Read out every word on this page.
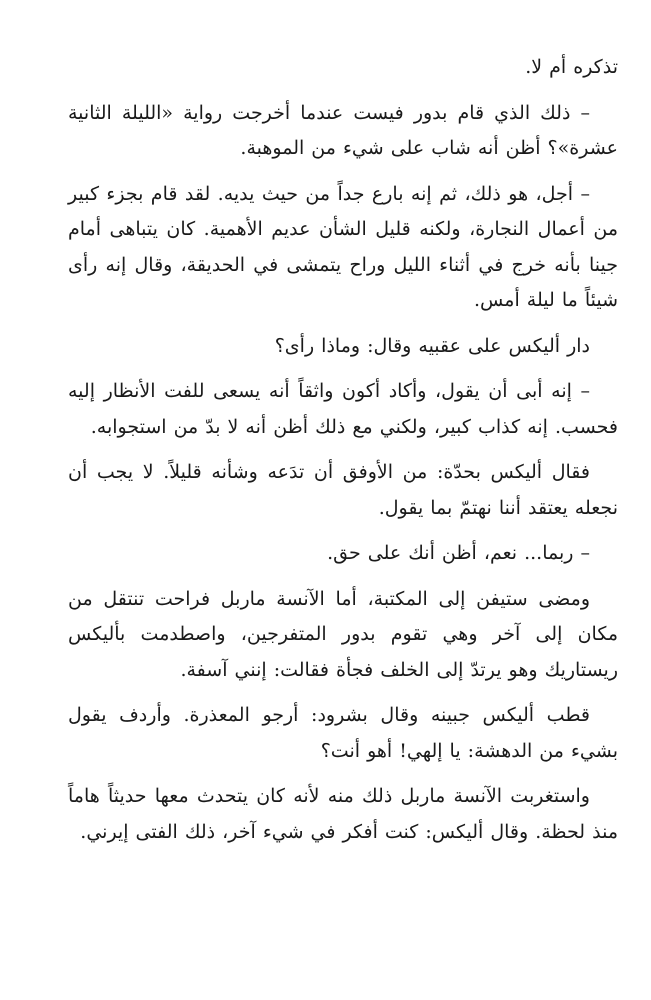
تذكره أم لا.

– ذلك الذي قام بدور فيست عندما أخرجت رواية «الليلة الثانية عشرة»؟ أظن أنه شاب على شيء من الموهبة.

– أجل، هو ذلك، ثم إنه بارع جداً من حيث يديه. لقد قام بجزء كبير من أعمال النجارة، ولكنه قليل الشأن عديم الأهمية. كان يتباهى أمام جينا بأنه خرج في أثناء الليل وراح يتمشى في الحديقة، وقال إنه رأى شيئاً ما ليلة أمس.

دار أليكس على عقبيه وقال: وماذا رأى؟

– إنه أبى أن يقول، وأكاد أكون واثقاً أنه يسعى للفت الأنظار إليه فحسب. إنه كذاب كبير، ولكني مع ذلك أظن أنه لا بدّ من استجوابه.

فقال أليكس بحدّة: من الأوفق أن تدَعه وشأنه قليلاً. لا يجب أن نجعله يعتقد أننا نهتمّ بما يقول.

– ربما... نعم، أظن أنك على حق.

ومضى ستيفن إلى المكتبة، أما الآنسة ماربل فراحت تنتقل من مكان إلى آخر وهي تقوم بدور المتفرجين، واصطدمت بأليكس ريستاريك وهو يرتدّ إلى الخلف فجأة فقالت: إنني آسفة.

قطب أليكس جبينه وقال بشرود: أرجو المعذرة. وأردف يقول بشيء من الدهشة: يا إلهي! أهو أنت؟

واستغربت الآنسة ماربل ذلك منه لأنه كان يتحدث معها حديثاً هاماً منذ لحظة. وقال أليكس: كنت أفكر في شيء آخر، ذلك الفتى إيرني.
